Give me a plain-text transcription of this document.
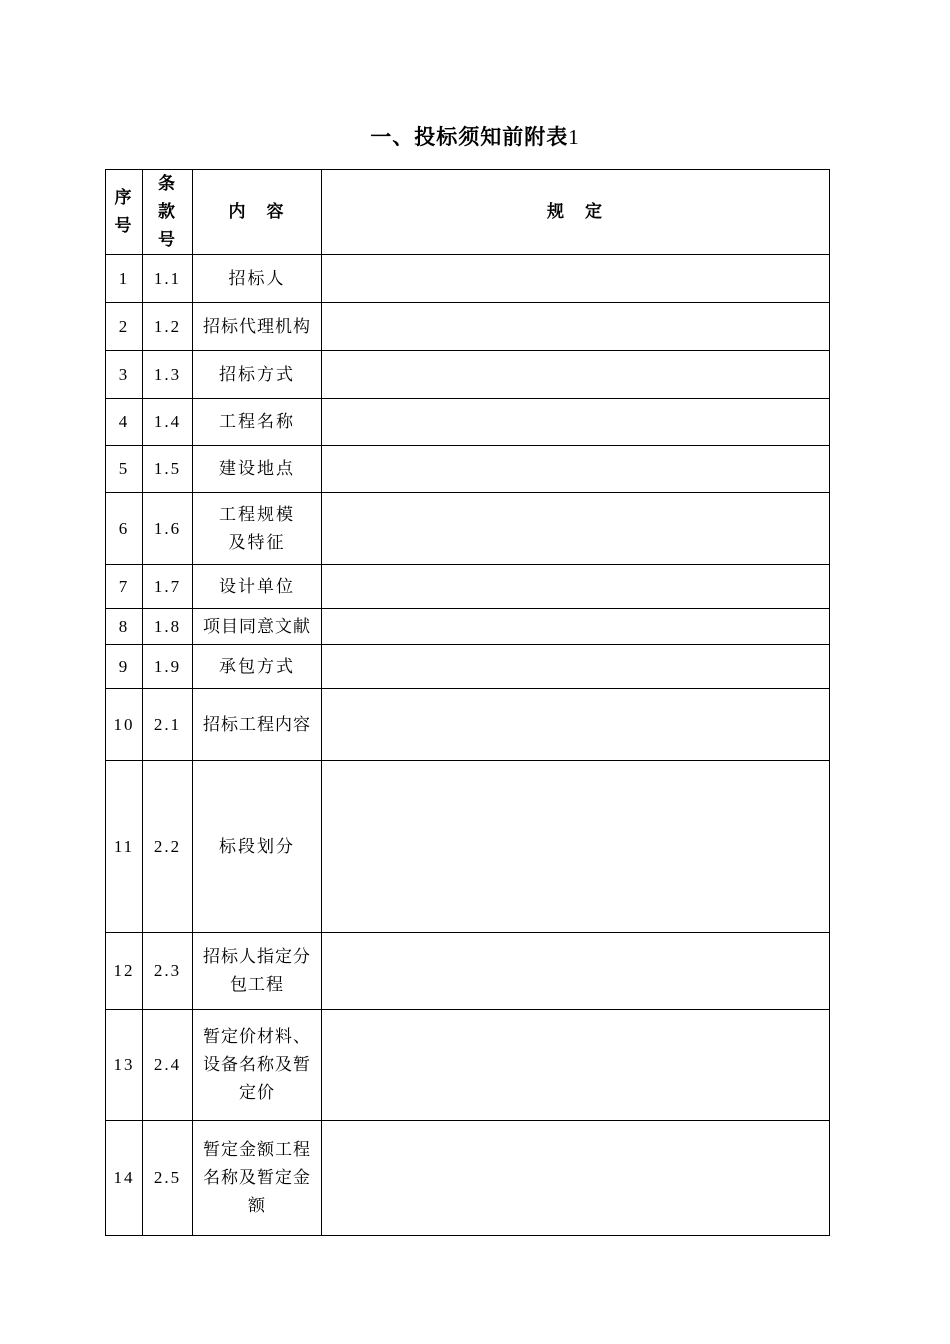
一、投标须知前附表1
序号	条款号	内　容	规　定
1	1.1	招标人	
2	1.2	招标代理机构	
3	1.3	招标方式	
4	1.4	工程名称	
5	1.5	建设地点	
6	1.6	工程规模及特征	
7	1.7	设计单位	
8	1.8	项目同意文献	
9	1.9	承包方式	
10	2.1	招标工程内容	
11	2.2	标段划分	
12	2.3	招标人指定分包工程	
13	2.4	暂定价材料、设备名称及暂定价	
14	2.5	暂定金额工程名称及暂定金额	
